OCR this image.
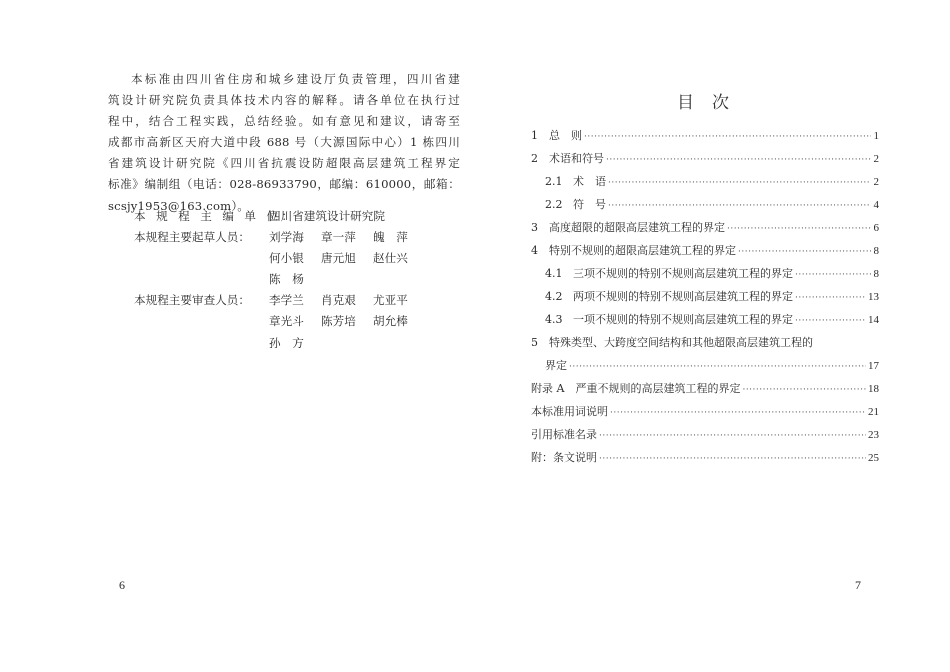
本标准由四川省住房和城乡建设厅负责管理，四川省建
筑设计研究院负责具体技术内容的解释。请各单位在执行过
程中，结合工程实践，总结经验。如有意见和建议，请寄至
成都市高新区天府大道中段 688 号（大源国际中心）1 栋四川
省建筑设计研究院《四川省抗震设防超限高层建筑工程界定
标准》编制组（电话：028-86933790，邮编：610000，邮箱：
scsjy1953@163.com）。
本 规 程 主 编 单 位：
四川省建筑设计研究院
本规程主要起草人员：	刘学海	章一萍	魄　萍
何小银	唐元旭	赵仕兴
陈　杨
本规程主要审查人员：	李学兰	肖克艰	尤亚平
章光斗	陈芳培	胡允棒
孙　方
6
目次
1	总　则 ·····	1
2	术语和符号 ·····	2
2.1 术　语 ·····	2
2.2 符　号 ·····	4
3	高度超限的超限高层建筑工程的界定 ·····	6
4	特别不规则的超限高层建筑工程的界定 ·····	8
4.1 三项不规则的特别不规则高层建筑工程的界定 ·····	8
4.2 两项不规则的特别不规则高层建筑工程的界定 ·····	13
4.3 一项不规则的特别不规则高层建筑工程的界定 ·····	14
5	特殊类型、大跨度空间结构和其他超限高层建筑工程的
界定 ·····	17
附录 A　严重不规则的高层建筑工程的界定 ·····	18
本标准用词说明 ·····	21
引用标准名录 ·····	23
附：条文说明 ·····	25
7
